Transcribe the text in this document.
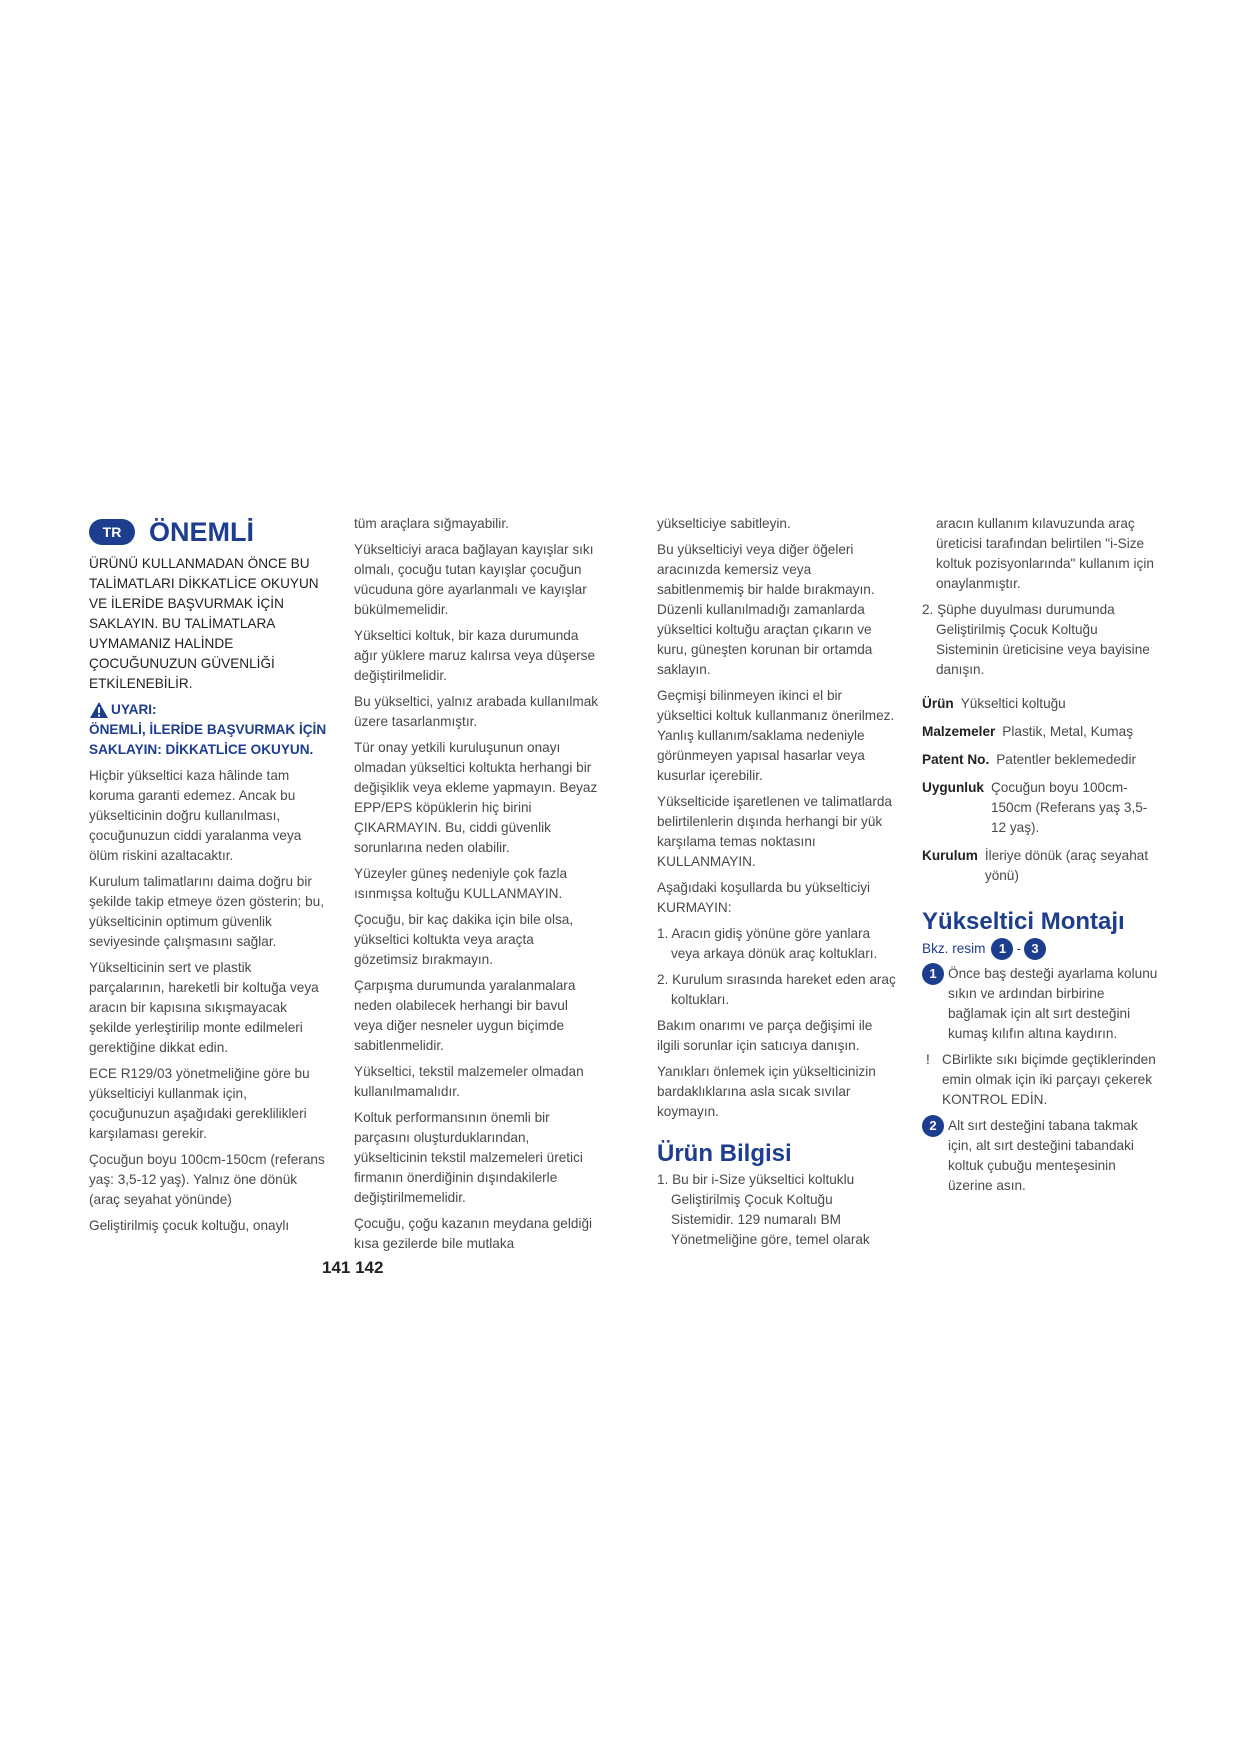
TR	ÖNEMLİ

ÜRÜNÜ KULLANMADAN ÖNCE BU TALİMATLARI DİKKATLİCE OKUYUN VE İLERİDE BAŞVURMAK İÇİN SAKLAYIN. BU TALİMATLARA UYMAMANIZ HALİNDE ÇOCUĞUNUZUN GÜVENLİĞİ ETKİLENEBİLİR.

UYARI:

ÖNEMLİ, İLERİDE BAŞVURMAK İÇİN SAKLAYIN: DİKKATLİCE OKUYUN.

Hiçbir yükseltici kaza hâlinde tam koruma garanti edemez. Ancak bu yükselticinin doğru kullanılması, çocuğunuzun ciddi yaralanma veya ölüm riskini azaltacaktır.

Kurulum talimatlarını daima doğru bir şekilde takip etmeye özen gösterin; bu, yükselticinin optimum güvenlik seviyesinde çalışmasını sağlar.

Yükselticinin sert ve plastik parçalarının, hareketli bir koltuğa veya aracın bir kapısına sıkışmayacak şekilde yerleştirilip monte edilmeleri gerektiğine dikkat edin.

ECE R129/03 yönetmeliğine göre bu yükselticiyi kullanmak için, çocuğunuzun aşağıdaki gereklilikleri karşılaması gerekir.

Çocuğun boyu 100cm-150cm (referans yaş: 3,5-12 yaş). Yalnız öne dönük (araç seyahat yönünde)

Geliştirilmiş çocuk koltuğu, onaylı

tüm araçlara sığmayabilir.

Yükselticiyi araca bağlayan kayışlar sıkı olmalı, çocuğu tutan kayışlar çocuğun vücuduna göre ayarlanmalı ve kayışlar bükülmemelidir.

Yükseltici koltuk, bir kaza durumunda ağır yüklere maruz kalırsa veya düşerse değiştirilmelidir.

Bu yükseltici, yalnız arabada kullanılmak üzere tasarlanmıştır.

Tür onay yetkili kuruluşunun onayı olmadan yükseltici koltukta herhangi bir değişiklik veya ekleme yapmayın. Beyaz EPP/EPS köpüklerin hiç birini ÇIKARMAYIN. Bu, ciddi güvenlik sorunlarına neden olabilir.

Yüzeyler güneş nedeniyle çok fazla ısınmışsa koltuğu KULLANMAYIN.

Çocuğu, bir kaç dakika için bile olsa, yükseltici koltukta veya araçta gözetimsiz bırakmayın.

Çarpışma durumunda yaralanmalara neden olabilecek herhangi bir bavul veya diğer nesneler uygun biçimde sabitlenmelidir.

Yükseltici, tekstil malzemeler olmadan kullanılmamalıdır.

Koltuk performansının önemli bir parçasını oluşturduklarından, yükselticinin tekstil malzemeleri üretici firmanın önerdiğinin dışındakilerle değiştirilmemelidir.

Çocuğu, çoğu kazanın meydana geldiği kısa gezilerde bile mutlaka

yükselticiye sabitleyin.

Bu yükselticiyi veya diğer öğeleri aracınızda kemersiz veya sabitlenmemiş bir halde bırakmayın. Düzenli kullanılmadığı zamanlarda yükseltici koltuğu araçtan çıkarın ve kuru, güneşten korunan bir ortamda saklayın.

Geçmişi bilinmeyen ikinci el bir yükseltici koltuk kullanmanız önerilmez. Yanlış kullanım/saklama nedeniyle görünmeyen yapısal hasarlar veya kusurlar içerebilir.

Yükselticide işaretlenen ve talimatlarda belirtilenlerin dışında herhangi bir yük karşılama temas noktasını KULLANMAYIN.

Aşağıdaki koşullarda bu yükselticiyi KURMAYIN:

1. Aracın gidiş yönüne göre yanlara veya arkaya dönük araç koltukları.
2. Kurulum sırasında hareket eden araç koltukları.

Bakım onarımı ve parça değişimi ile ilgili sorunlar için satıcıya danışın.

Yanıkları önlemek için yükselticinizin bardaklıklarına asla sıcak sıvılar koymayın.

Ürün Bilgisi
1. Bu bir i-Size yükseltici koltuklu Geliştirilmiş Çocuk Koltuğu Sistemidir. 129 numaralı BM Yönetmeliğine göre, temel olarak

aracın kullanım kılavuzunda araç üreticisi tarafından belirtilen "i-Size koltuk pozisyonlarında" kullanım için onaylanmıştır.

2. Şüphe duyulması durumunda Geliştirilmiş Çocuk Koltuğu Sisteminin üreticisine veya bayisine danışın.
Ürün Yükseltici koltuğu
Malzemeler Plastik, Metal, Kumaş
Patent No. Patentler beklemededir
Uygunluk Çocuğun boyu 100cm-150cm (Referans yaş 3,5-12 yaş).
Kurulum İleriye dönük (araç seyahat yönü)
Yükseltici Montajı
Bkz. resim	1 - 3
1 Önce baş desteği ayarlama kolunu sıkın ve ardından birbirine bağlamak için alt sırt desteğini kumaş kılıfın altına kaydırın.
! CBirlikte sıkı biçimde geçtiklerinden emin olmak için iki parçayı çekerek KONTROL EDİN.
2 Alt sırt desteğini tabana takmak için, alt sırt desteğini tabandaki koltuk çubuğu menteşesinin üzerine asın.
141 142
